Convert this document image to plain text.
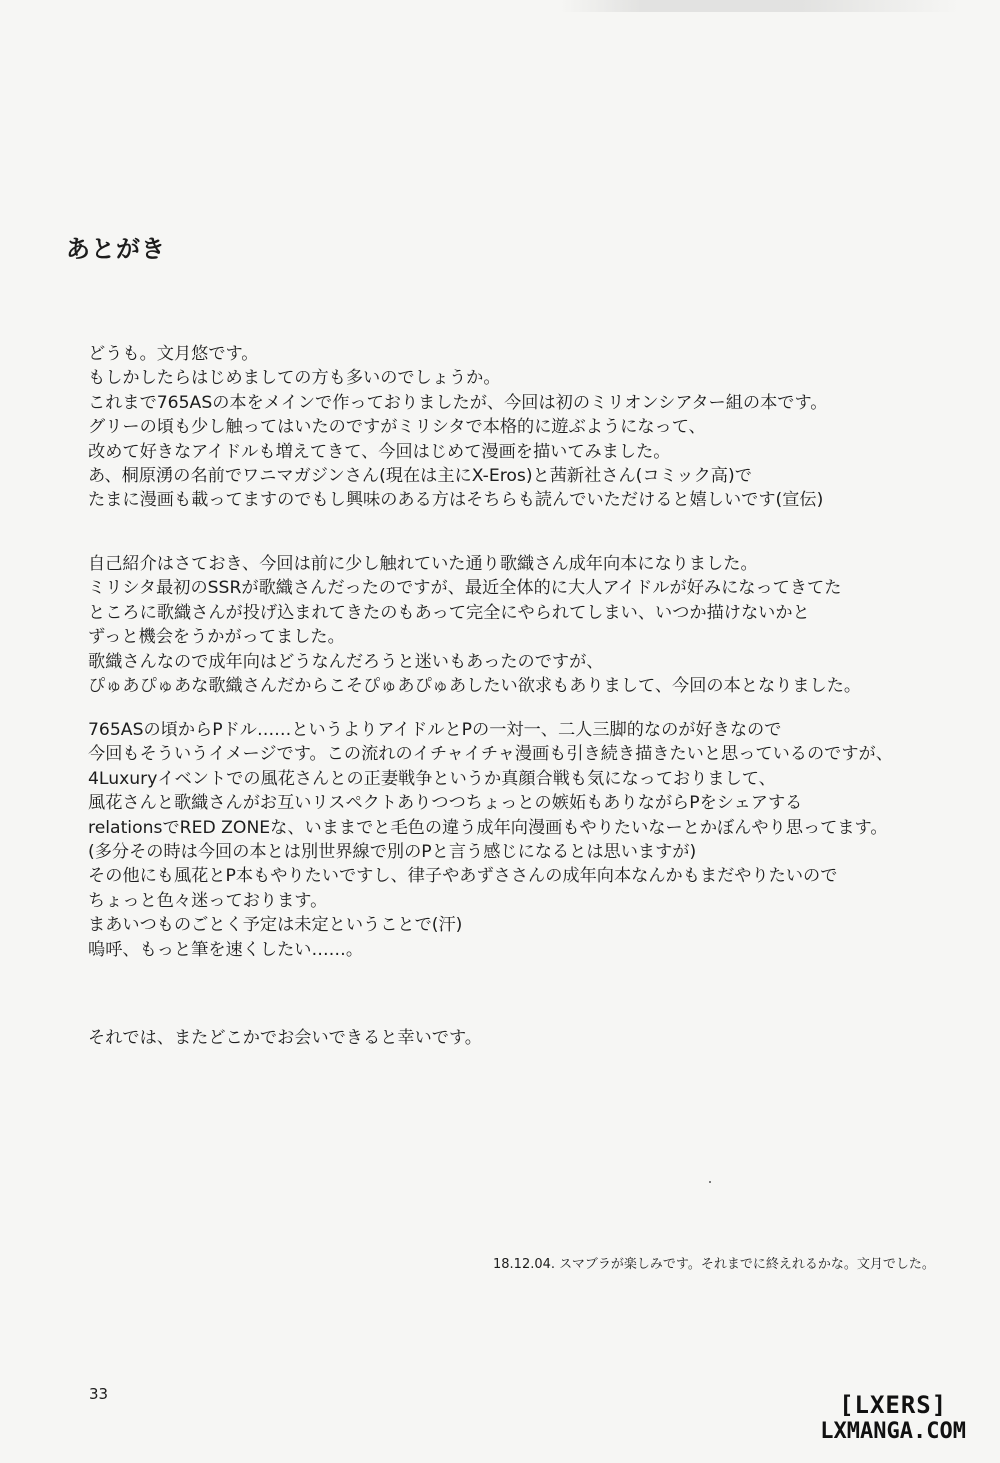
あとがき
どうも。文月悠です。
もしかしたらはじめましての方も多いのでしょうか。
これまで765ASの本をメインで作っておりましたが、今回は初のミリオンシアター組の本です。
グリーの頃も少し触ってはいたのですがミリシタで本格的に遊ぶようになって、
改めて好きなアイドルも増えてきて、今回はじめて漫画を描いてみました。
あ、桐原湧の名前でワニマガジンさん(現在は主にX-Eros)と茜新社さん(コミック高)で
たまに漫画も載ってますのでもし興味のある方はそちらも読んでいただけると嬉しいです(宣伝)
自己紹介はさておき、今回は前に少し触れていた通り歌織さん成年向本になりました。
ミリシタ最初のSSRが歌織さんだったのですが、最近全体的に大人アイドルが好みになってきてた
ところに歌織さんが投げ込まれてきたのもあって完全にやられてしまい、いつか描けないかと
ずっと機会をうかがってました。
歌織さんなので成年向はどうなんだろうと迷いもあったのですが、
ぴゅあぴゅあな歌織さんだからこそぴゅあぴゅあしたい欲求もありまして、今回の本となりました。
765ASの頃からPドル……というよりアイドルとPの一対一、二人三脚的なのが好きなので
今回もそういうイメージです。この流れのイチャイチャ漫画も引き続き描きたいと思っているのですが、
4Luxuryイベントでの風花さんとの正妻戦争というか真顔合戦も気になっておりまして、
風花さんと歌織さんがお互いリスペクトありつつちょっとの嫉妬もありながらPをシェアする
relationsでRED ZONEな、いままでと毛色の違う成年向漫画もやりたいなーとかぼんやり思ってます。
(多分その時は今回の本とは別世界線で別のPと言う感じになるとは思いますが)
その他にも風花とP本もやりたいですし、律子やあずささんの成年向本なんかもまだやりたいので
ちょっと色々迷っております。
まあいつものごとく予定は未定ということで(汗)
嗚呼、もっと筆を速くしたい……。
それでは、またどこかでお会いできると幸いです。
18.12.04. スマブラが楽しみです。それまでに終えれるかな。文月でした。
33	[LXERS]
LXMANGA.COM
